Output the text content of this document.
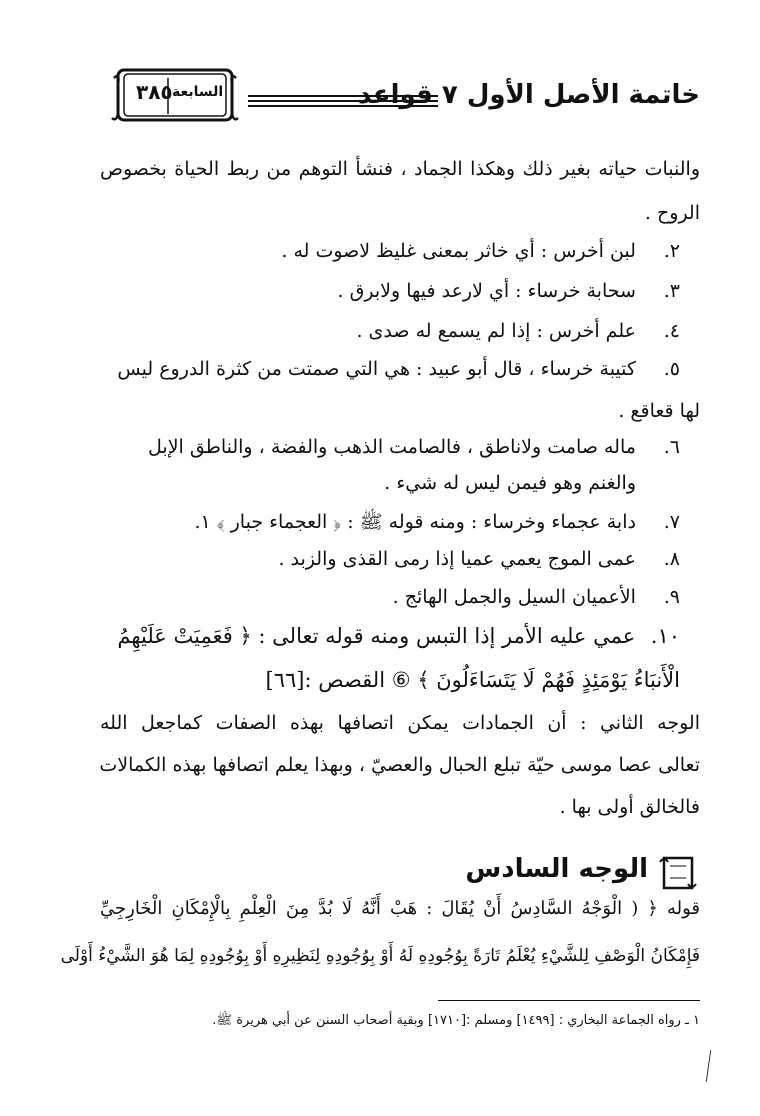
٣٨٥ السابعة	خاتمة الأصل الأول ٧ قواعد
والنبات حياته بغير ذلك وهكذا الجماد ، فنشأ التوهم من ربط الحياة بخصوص
الروح .
٢. لبن أخرس : أي خاثر بمعنى غليظ لاصوت له .
٣. سحابة خرساء : أي لارعد فيها ولابرق .
٤. علم أخرس : إذا لم يسمع له صدى .
٥. كتيبة خرساء ، قال أبو عبيد : هي التي صمتت من كثرة الدروع ليس
لها قعاقع .
٦. ماله صامت ولاناطق ، فالصامت الذهب والفضة ، والناطق الإبل
والغنم وهو فيمن ليس له شيء .
٧. دابة عجماء وخرساء : ومنه قوله ﷺ : ﴿ العجماء جبار ﴾ ١.
٨. عمى الموج يعمي عميا إذا رمى القذى والزبد .
٩. الأعميان السيل والجمل الهائج .
١٠. عمي عليه الأمر إذا التبس ومنه قوله تعالى : ﴿ فَعَمِيَتْ عَلَيْهِمُ
الْأَنبَاءُ يَوْمَئِذٍ فَهُمْ لَا يَتَسَاءَلُونَ ﴾ ⑥ القصص :[٦٦]
الوجه الثاني : أن الجمادات يمكن اتصافها بهذه الصفات كماجعل الله
تعالى عصا موسى حيّة تبلع الحبال والعصيّ ، وبهذا يعلم اتصافها بهذه الكمالات
فالخالق أولى بها .
الوجه السادس
قوله ﴿ ( الْوَجْهُ السَّادِسُ أَنْ يُقَالَ : هَبْ أَنَّهُ لَا بُدَّ مِنَ الْعِلْمِ بِالْإِمْكَانِ الْخَارِجِيِّ
فَإِمْكَانُ الْوَصْفِ لِلشَّيْءِ يُعْلَمُ تَارَةً بِوُجُودِهِ لَهُ أَوْ بِوُجُودِهِ لِنَظِيرِهِ أَوْ بِوُجُودِهِ لِمَا هُوَ الشَّيْءُ أَوْلَى
١ ـ رواه الجماعة البخاري : [١٤٩٩] ومسلم :[١٧١٠] وبقية أصحاب السنن عن أبي هريرة ﷺ.
